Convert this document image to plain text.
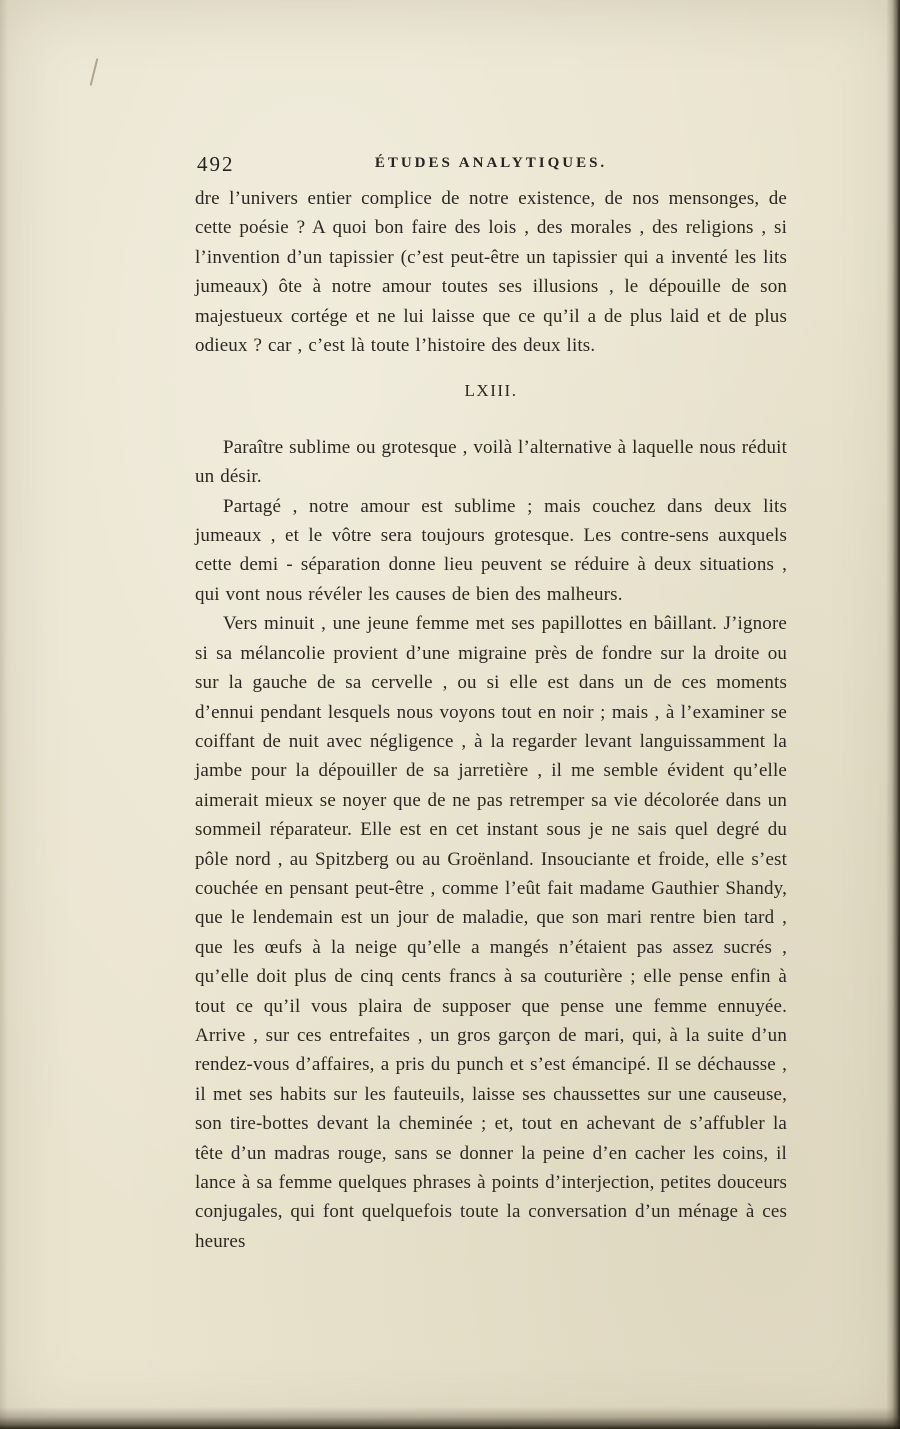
492	ÉTUDES ANALYTIQUES.

dre l’univers entier complice de notre existence, de nos mensonges, de cette poésie ? A quoi bon faire des lois , des morales , des religions , si l’invention d’un tapissier (c’est peut-être un tapissier qui a inventé les lits jumeaux) ôte à notre amour toutes ses illusions , le dépouille de son majestueux cortége et ne lui laisse que ce qu’il a de plus laid et de plus odieux ? car , c’est là toute l’histoire des deux lits.

LXIII.

Paraître sublime ou grotesque , voilà l’alternative à laquelle nous réduit un désir.

Partagé , notre amour est sublime ; mais couchez dans deux lits jumeaux , et le vôtre sera toujours grotesque. Les contre-sens auxquels cette demi - séparation donne lieu peuvent se réduire à deux situations , qui vont nous révéler les causes de bien des malheurs.

Vers minuit , une jeune femme met ses papillottes en bâillant. J’ignore si sa mélancolie provient d’une migraine près de fondre sur la droite ou sur la gauche de sa cervelle , ou si elle est dans un de ces moments d’ennui pendant lesquels nous voyons tout en noir ; mais , à l’examiner se coiffant de nuit avec négligence , à la regarder levant languissamment la jambe pour la dépouiller de sa jarretière , il me semble évident qu’elle aimerait mieux se noyer que de ne pas retremper sa vie décolorée dans un sommeil réparateur. Elle est en cet instant sous je ne sais quel degré du pôle nord , au Spitzberg ou au Groënland. Insouciante et froide, elle s’est couchée en pensant peut-être , comme l’eût fait madame Gauthier Shandy, que le lendemain est un jour de maladie, que son mari rentre bien tard , que les œufs à la neige qu’elle a mangés n’étaient pas assez sucrés , qu’elle doit plus de cinq cents francs à sa couturière ; elle pense enfin à tout ce qu’il vous plaira de supposer que pense une femme ennuyée. Arrive , sur ces entrefaites , un gros garçon de mari, qui, à la suite d’un rendez-vous d’affaires, a pris du punch et s’est émancipé. Il se déchausse , il met ses habits sur les fauteuils, laisse ses chaussettes sur une causeuse, son tire-bottes devant la cheminée ; et, tout en achevant de s’affubler la tête d’un madras rouge, sans se donner la peine d’en cacher les coins, il lance à sa femme quelques phrases à points d’interjection, petites douceurs conjugales, qui font quelquefois toute la conversation d’un ménage à ces heures
